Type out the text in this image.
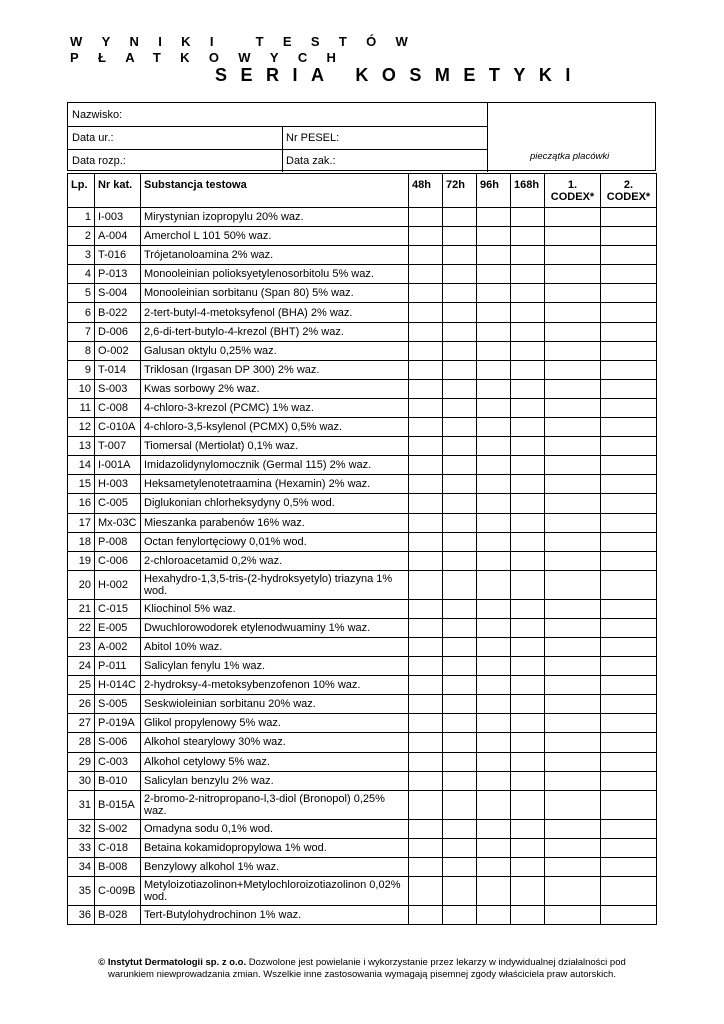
WYNIKI TESTÓW
PŁATKOWYCH
SERIA KOSMETYKI
Nazwisko:
Data ur.:	Nr PESEL:
Data rozp.:	Data zak.:	pieczątka placówki
Lp.	Nr kat.	Substancja testowa	48h	72h	96h	168h	1. CODEX*	2. CODEX*
1	I-003	Mirystynian izopropylu 20% waz.						
2	A-004	Amerchol L 101 50% waz.						
3	T-016	Trójetanoloamina 2% waz.						
4	P-013	Monooleinian polioksyetylenosorbitolu 5% waz.						
5	S-004	Monooleinian sorbitanu (Span 80) 5% waz.						
6	B-022	2-tert-butyl-4-metoksyfenol (BHA) 2% waz.						
7	D-006	2,6-di-tert-butylo-4-krezol (BHT) 2% waz.						
8	O-002	Galusan oktylu 0,25% waz.						
9	T-014	Triklosan (Irgasan DP 300) 2% waz.						
10	S-003	Kwas sorbowy 2% waz.						
11	C-008	4-chloro-3-krezol (PCMC) 1% waz.						
12	C-010A	4-chloro-3,5-ksylenol (PCMX) 0,5% waz.						
13	T-007	Tiomersal (Mertiolat) 0,1% waz.						
14	I-001A	Imidazolidynylomocznik (Germal 115) 2% waz.						
15	H-003	Heksametylenotetraamina (Hexamin) 2% waz.						
16	C-005	Diglukonian chlorheksydyny 0,5% wod.						
17	Mx-03C	Mieszanka parabenów 16% waz.						
18	P-008	Octan fenylortęciowy 0,01% wod.						
19	C-006	2-chloroacetamid 0,2% waz.						
20	H-002	Hexahydro-1,3,5-tris-(2-hydroksyetylo) triazyna 1% wod.						
21	C-015	Kliochinol 5% waz.						
22	E-005	Dwuchlorowodorek etylenodwuaminy 1% waz.						
23	A-002	Abitol 10% waz.						
24	P-011	Salicylan fenylu 1% waz.						
25	H-014C	2-hydroksy-4-metoksybenzofenon 10% waz.						
26	S-005	Seskwioleinian sorbitanu 20% waz.						
27	P-019A	Glikol propylenowy 5% waz.						
28	S-006	Alkohol stearylowy 30% waz.						
29	C-003	Alkohol cetylowy 5% waz.						
30	B-010	Salicylan benzylu 2% waz.						
31	B-015A	2-bromo-2-nitropropano-l,3-diol (Bronopol) 0,25% waz.						
32	S-002	Omadyna sodu 0,1% wod.						
33	C-018	Betaina kokamidopropylowa 1% wod.						
34	B-008	Benzylowy alkohol 1% waz.						
35	C-009B	Metyloizotiazolinon+Metylochloroizotiazolinon 0,02% wod.						
36	B-028	Tert-Butylohydrochinon 1% waz.						
© Instytut Dermatologii sp. z o.o. Dozwolone jest powielanie i wykorzystanie przez lekarzy w indywidualnej działalności pod
warunkiem niewprowadzania zmian. Wszelkie inne zastosowania wymagają pisemnej zgody właściciela praw autorskich.
